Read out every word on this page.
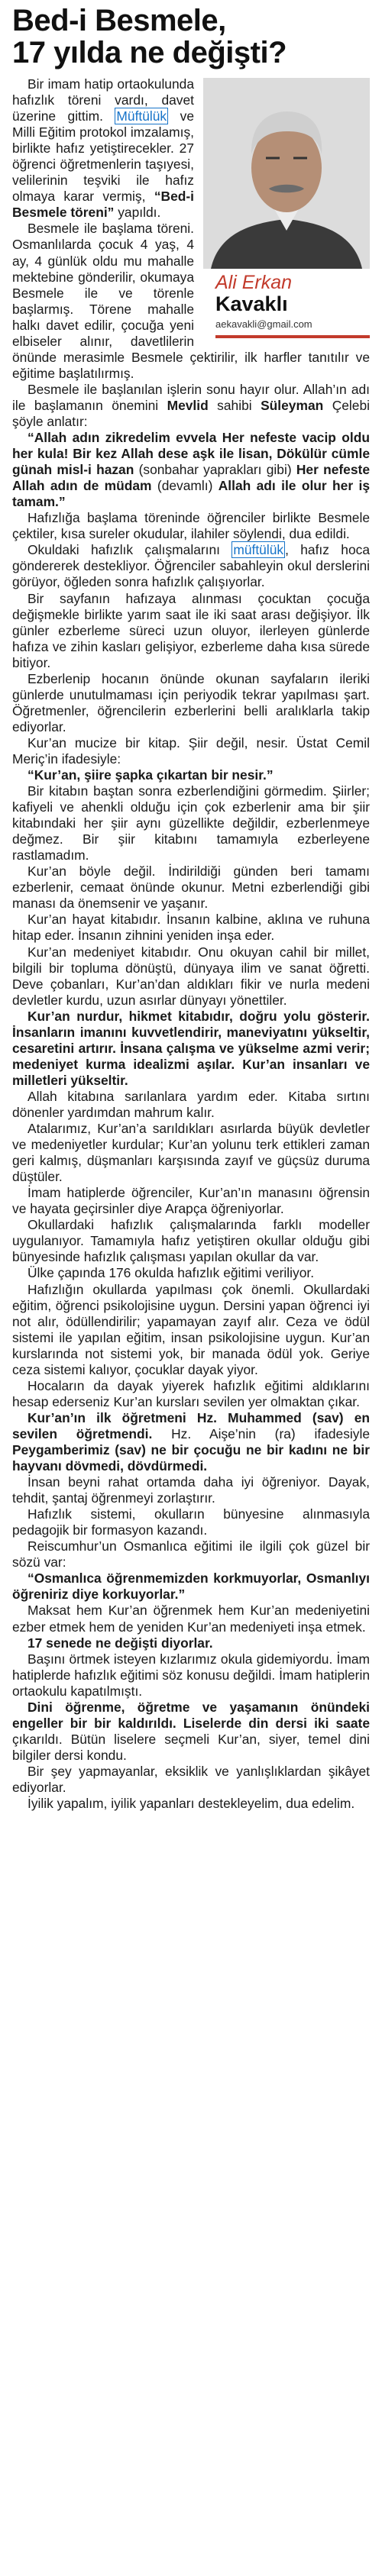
Bed-i Besmele,
17 yılda ne değişti?
Ali Erkan
Kavaklı
aekavakli@gmail.com

Bir imam hatip ortaokulunda hafızlık töreni vardı, davet üzerine gittim. Müftülük ve Milli Eğitim protokol imzalamış, birlikte hafız yetiştirecekler. 27 öğrenci öğretmenlerin taşıyesi, velilerinin teşviki ile hafız olmaya karar vermiş, “Bed-i Besmele töreni” yapıldı.

Besmele ile başlama töreni. Osmanlılarda çocuk 4 yaş, 4 ay, 4 günlük oldu mu mahalle mektebine gönderilir, okumaya Besmele ile ve törenle başlarmış. Törene mahalle halkı davet edilir, çocuğa yeni elbiseler alınır, davetlilerin önünde merasimle Besmele çektirilir, ilk harfler tanıtılır ve eğitime başlatılırmış.

Besmele ile başlanılan işlerin sonu hayır olur. Allah’ın adı ile başlamanın önemini Mevlid sahibi Süleyman Çelebi şöyle anlatır:

“Allah adın zikredelim evvela Her nefeste vacip oldu her kula! Bir kez Allah dese aşk ile lisan, Dökülür cümle günah misl-i hazan (sonbahar yaprakları gibi) Her nefeste Allah adın de müdam (devamlı) Allah adı ile olur her iş tamam.”

Hafızlığa başlama töreninde öğrenciler birlikte Besmele çektiler, kısa sureler okudular, ilahiler söylendi, dua edildi.

Okuldaki hafızlık çalışmalarını müftülük , hafız hoca göndererek destekliyor. Öğrenciler sabahleyin okul derslerini görüyor, öğleden sonra hafızlık çalışıyorlar.

Bir sayfanın hafızaya alınması çocuktan çocuğa değişmekle birlikte yarım saat ile iki saat arası değişiyor. İlk günler ezberleme süreci uzun oluyor, ilerleyen günlerde hafıza ve zihin kasları gelişiyor, ezberleme daha kısa sürede bitiyor.

Ezberlenip hocanın önünde okunan sayfaların ileriki günlerde unutulmaması için periyodik tekrar yapılması şart. Öğretmenler, öğrencilerin ezberlerini belli aralıklarla takip ediyorlar.

Kur’an mucize bir kitap. Şiir değil, nesir. Üstat Cemil Meriç’in ifadesiyle:

“Kur’an, şiire şapka çıkartan bir nesir.”

Bir kitabın baştan sonra ezberlendiğini görmedim. Şiirler; kafiyeli ve ahenkli olduğu için çok ezberlenir ama bir şiir kitabındaki her şiir aynı güzellikte değildir, ezberlenmeye değmez. Bir şiir kitabını tamamıyla ezberleyene rastlamadım.

Kur’an böyle değil. İndirildiği günden beri tamamı ezberlenir, cemaat önünde okunur. Metni ezberlendiği gibi manası da önemsenir ve yaşanır.

Kur’an hayat kitabıdır. İnsanın kalbine, aklına ve ruhuna hitap eder. İnsanın zihnini yeniden inşa eder.

Kur’an medeniyet kitabıdır. Onu okuyan cahil bir millet, bilgili bir topluma dönüştü, dünyaya ilim ve sanat öğretti. Deve çobanları, Kur’an’dan aldıkları fikir ve nurla medeni devletler kurdu, uzun asırlar dünyayı yönettiler.

Kur’an nurdur, hikmet kitabıdır, doğru yolu gösterir. İnsanların imanını kuvvetlendirir, maneviyatını yükseltir, cesaretini artırır. İnsana çalışma ve yükselme azmi verir; medeniyet kurma idealizmi aşılar. Kur’an insanları ve milletleri yükseltir.

Allah kitabına sarılanlara yardım eder. Kitaba sırtını dönenler yardımdan mahrum kalır.

Atalarımız, Kur’an’a sarıldıkları asırlarda büyük devletler ve medeniyetler kurdular; Kur’an yolunu terk ettikleri zaman geri kalmış, düşmanları karşısında zayıf ve güçsüz duruma düştüler.

İmam hatiplerde öğrenciler, Kur’an’ın manasını öğrensin ve hayata geçirsinler diye Arapça öğreniyorlar.

Okullardaki hafızlık çalışmalarında farklı modeller uygulanıyor. Tamamıyla hafız yetiştiren okullar olduğu gibi bünyesinde hafızlık çalışması yapılan okullar da var.

Ülke çapında 176 okulda hafızlık eğitimi veriliyor.

Hafızlığın okullarda yapılması çok önemli. Okullardaki eğitim, öğrenci psikolojisine uygun. Dersini yapan öğrenci iyi not alır, ödüllendirilir; yapamayan zayıf alır. Ceza ve ödül sistemi ile yapılan eğitim, insan psikolojisine uygun. Kur’an kurslarında not sistemi yok, bir manada ödül yok. Geriye ceza sistemi kalıyor, çocuklar dayak yiyor.

Hocaların da dayak yiyerek hafızlık eğitimi aldıklarını hesap ederseniz Kur’an kursları sevilen yer olmaktan çıkar.

Kur’an’ın ilk öğretmeni Hz. Muhammed (sav) en sevilen öğretmendi. Hz. Aişe’nin (ra) ifadesiyle Peygamberimiz (sav) ne bir çocuğu ne bir kadını ne bir hayvanı dövmedi, dövdürmedi.

İnsan beyni rahat ortamda daha iyi öğreniyor. Dayak, tehdit, şantaj öğrenmeyi zorlaştırır.

Hafızlık sistemi, okulların bünyesine alınmasıyla pedagojik bir formasyon kazandı.

Reiscumhur’un Osmanlıca eğitimi ile ilgili çok güzel bir sözü var:

“Osmanlıca öğrenmemizden korkmuyorlar, Osmanlıyı öğreniriz diye korkuyorlar.”

Maksat hem Kur’an öğrenmek hem Kur’an medeniyetini ezber etmek hem de yeniden Kur’an medeniyeti inşa etmek.

17 senede ne değişti diyorlar.

Başını örtmek isteyen kızlarımız okula gidemiyordu. İmam hatiplerde hafızlık eğitimi söz konusu değildi. İmam hatiplerin ortaokulu kapatılmıştı.

Dini öğrenme, öğretme ve yaşamanın önündeki engeller bir bir kaldırıldı. Liselerde din dersi iki saate çıkarıldı. Bütün liselere seçmeli Kur’an, siyer, temel dini bilgiler dersi kondu.

Bir şey yapmayanlar, eksiklik ve yanlışlıklardan şikâyet ediyorlar.

İyilik yapalım, iyilik yapanları destekleyelim, dua edelim.
